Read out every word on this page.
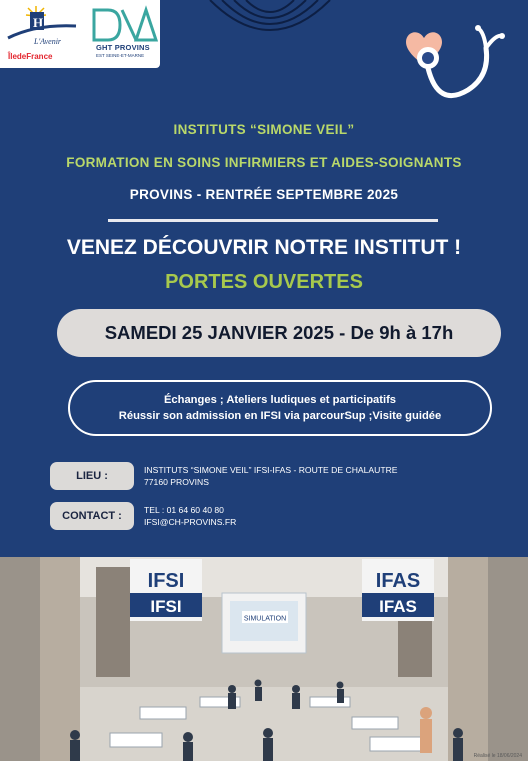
H
L'Avenir
ÎledeFrance
GHT PROVINS
EST SEINE-ET-MARNE
INSTITUTS “SIMONE VEIL”
FORMATION EN SOINS INFIRMIERS ET AIDES-SOIGNANTS
PROVINS - RENTRÉE SEPTEMBRE 2025
VENEZ DÉCOUVRIR NOTRE INSTITUT !
PORTES OUVERTES
SAMEDI 25 JANVIER 2025 - De 9h à 17h
Échanges ; Ateliers ludiques et participatifs
Réussir son admission en IFSI via parcourSup ;Visite guidée
LIEU :	INSTITUTS “SIMONE VEIL” IFSI-IFAS - ROUTE DE CHALAUTRE
77160 PROVINS
CONTACT :	TEL : 01 64 60 40 80
IFSI@CH-PROVINS.FR
SIMULATION
IFSI
IFSI
IFAS
IFAS
Réalisé le 18/06/2024
